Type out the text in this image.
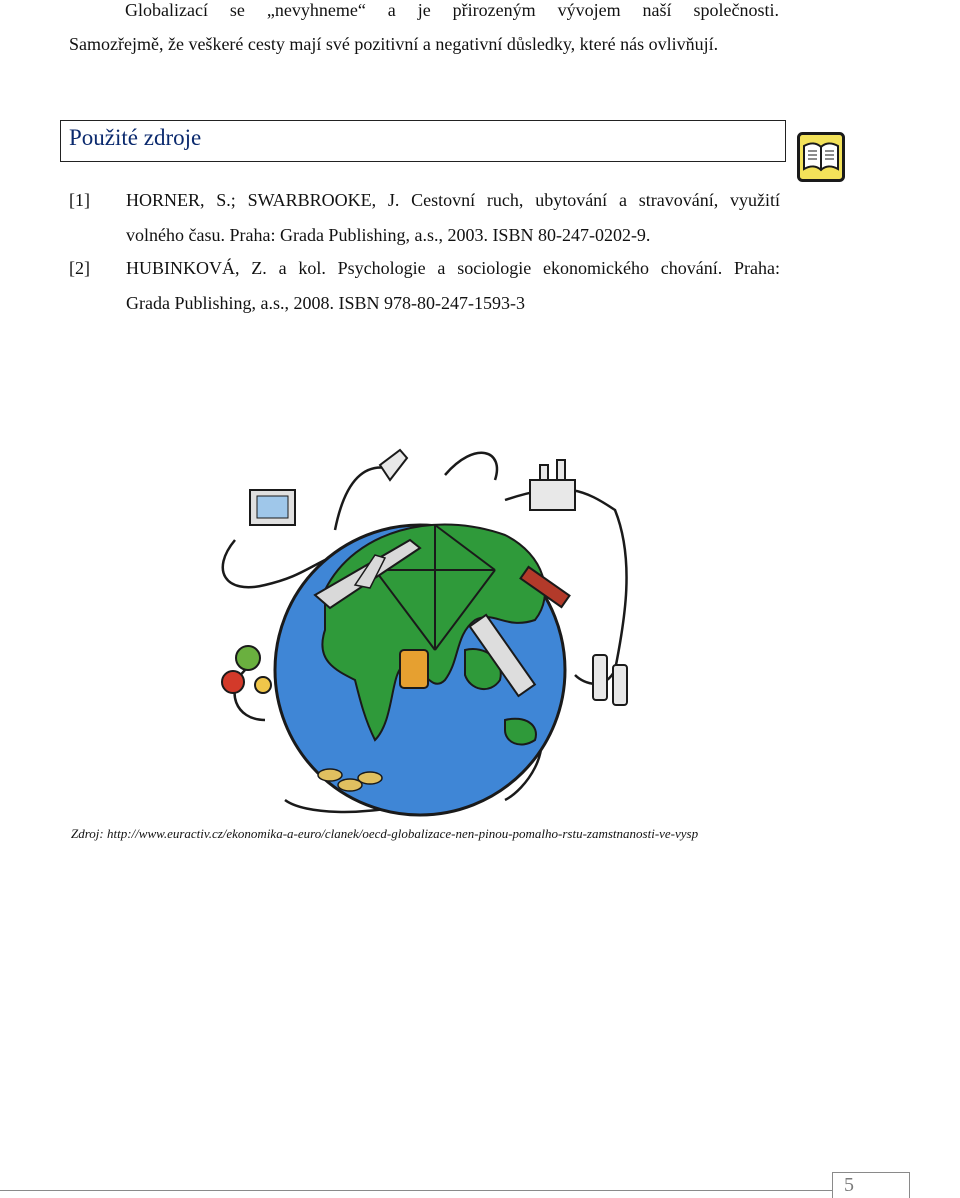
Globalizací se „nevyhneme“ a je přirozeným vývojem naší společnosti.
Samozřejmě, že veškeré cesty mají své pozitivní a negativní důsledky, které nás ovlivňují.
Použité zdroje
[1] HORNER, S.; SWARBROOKE, J. Cestovní ruch, ubytování a stravování, využití
volného času. Praha: Grada Publishing, a.s., 2003. ISBN 80-247-0202-9.
[2] HUBINKOVÁ, Z. a kol. Psychologie a sociologie ekonomického chování. Praha:
Grada Publishing, a.s., 2008. ISBN 978-80-247-1593-3
Zdroj: http://www.euractiv.cz/ekonomika-a-euro/clanek/oecd-globalizace-nen-pinou-pomalho-rstu-zamstnanosti-ve-vysp
5
